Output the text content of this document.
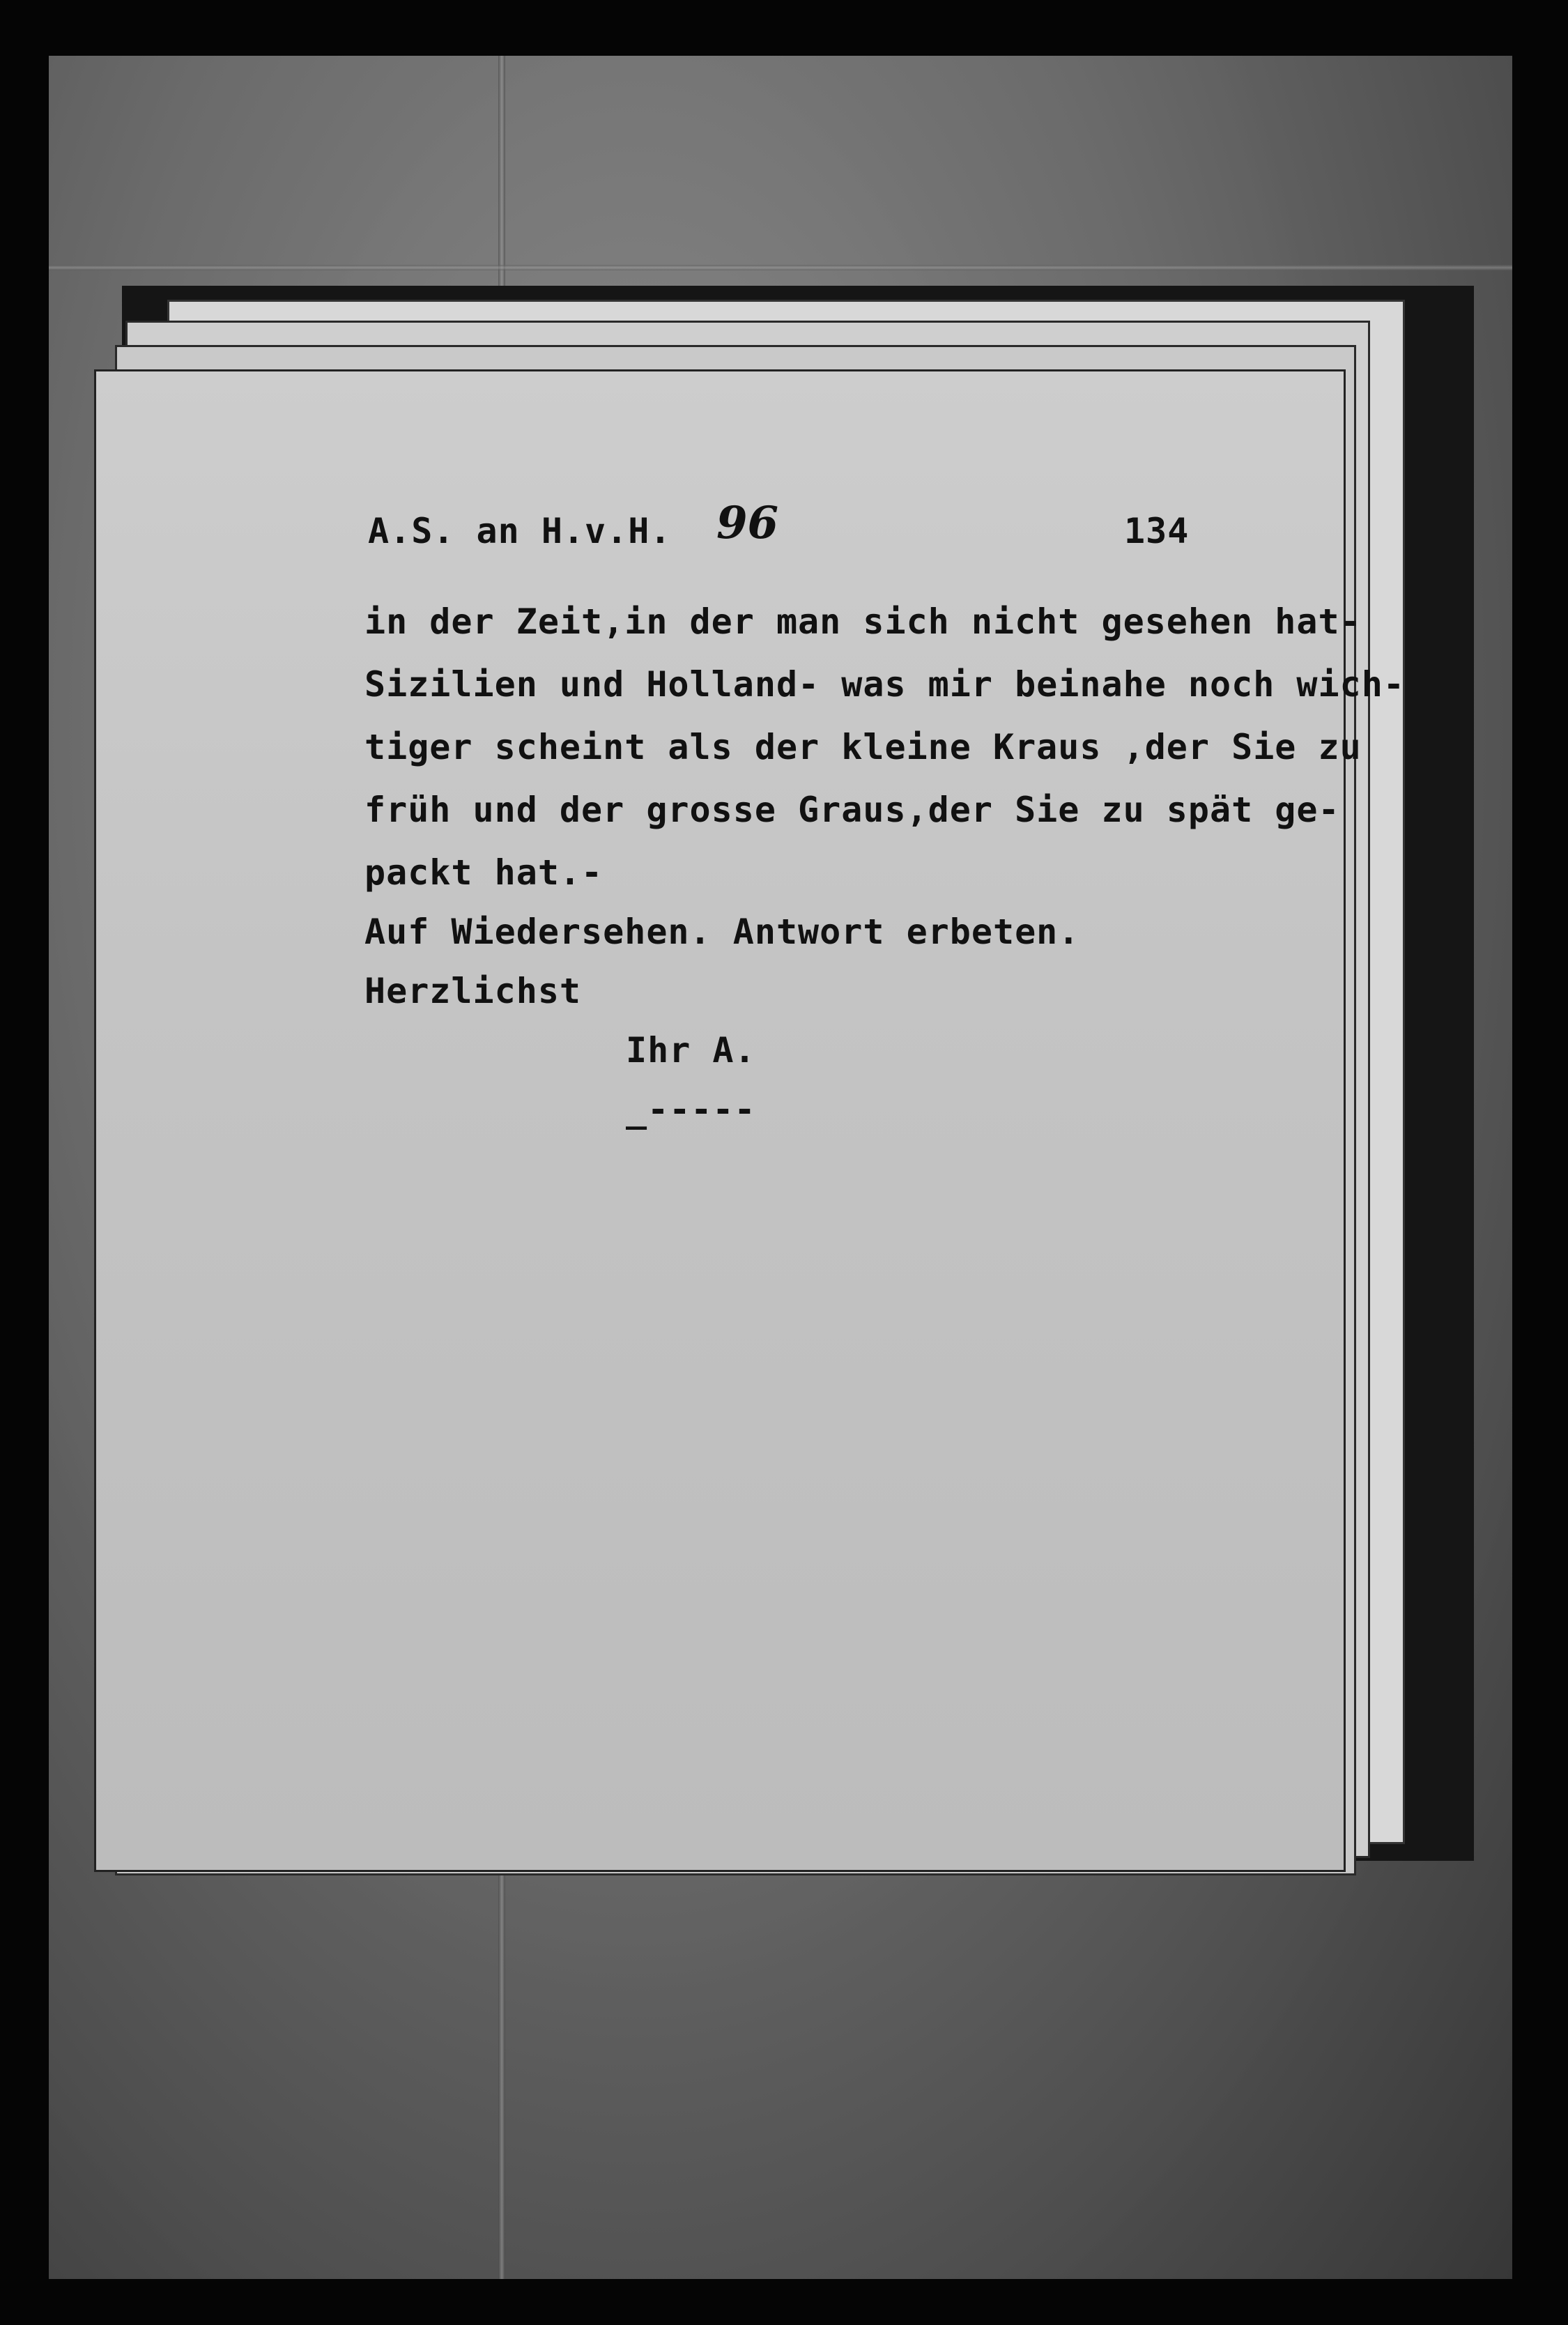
A.S. an H.v.H. 96	134
in der Zeit,in der man sich nicht gesehen hat-
Sizilien und Holland- was mir beinahe noch wich-
tiger scheint als der kleine Kraus ,der Sie zu
früh und der grosse Graus,der Sie zu spät ge-
packt hat.-
Auf Wiedersehen. Antwort erbeten.
Herzlichst
Ihr A.
_-----
